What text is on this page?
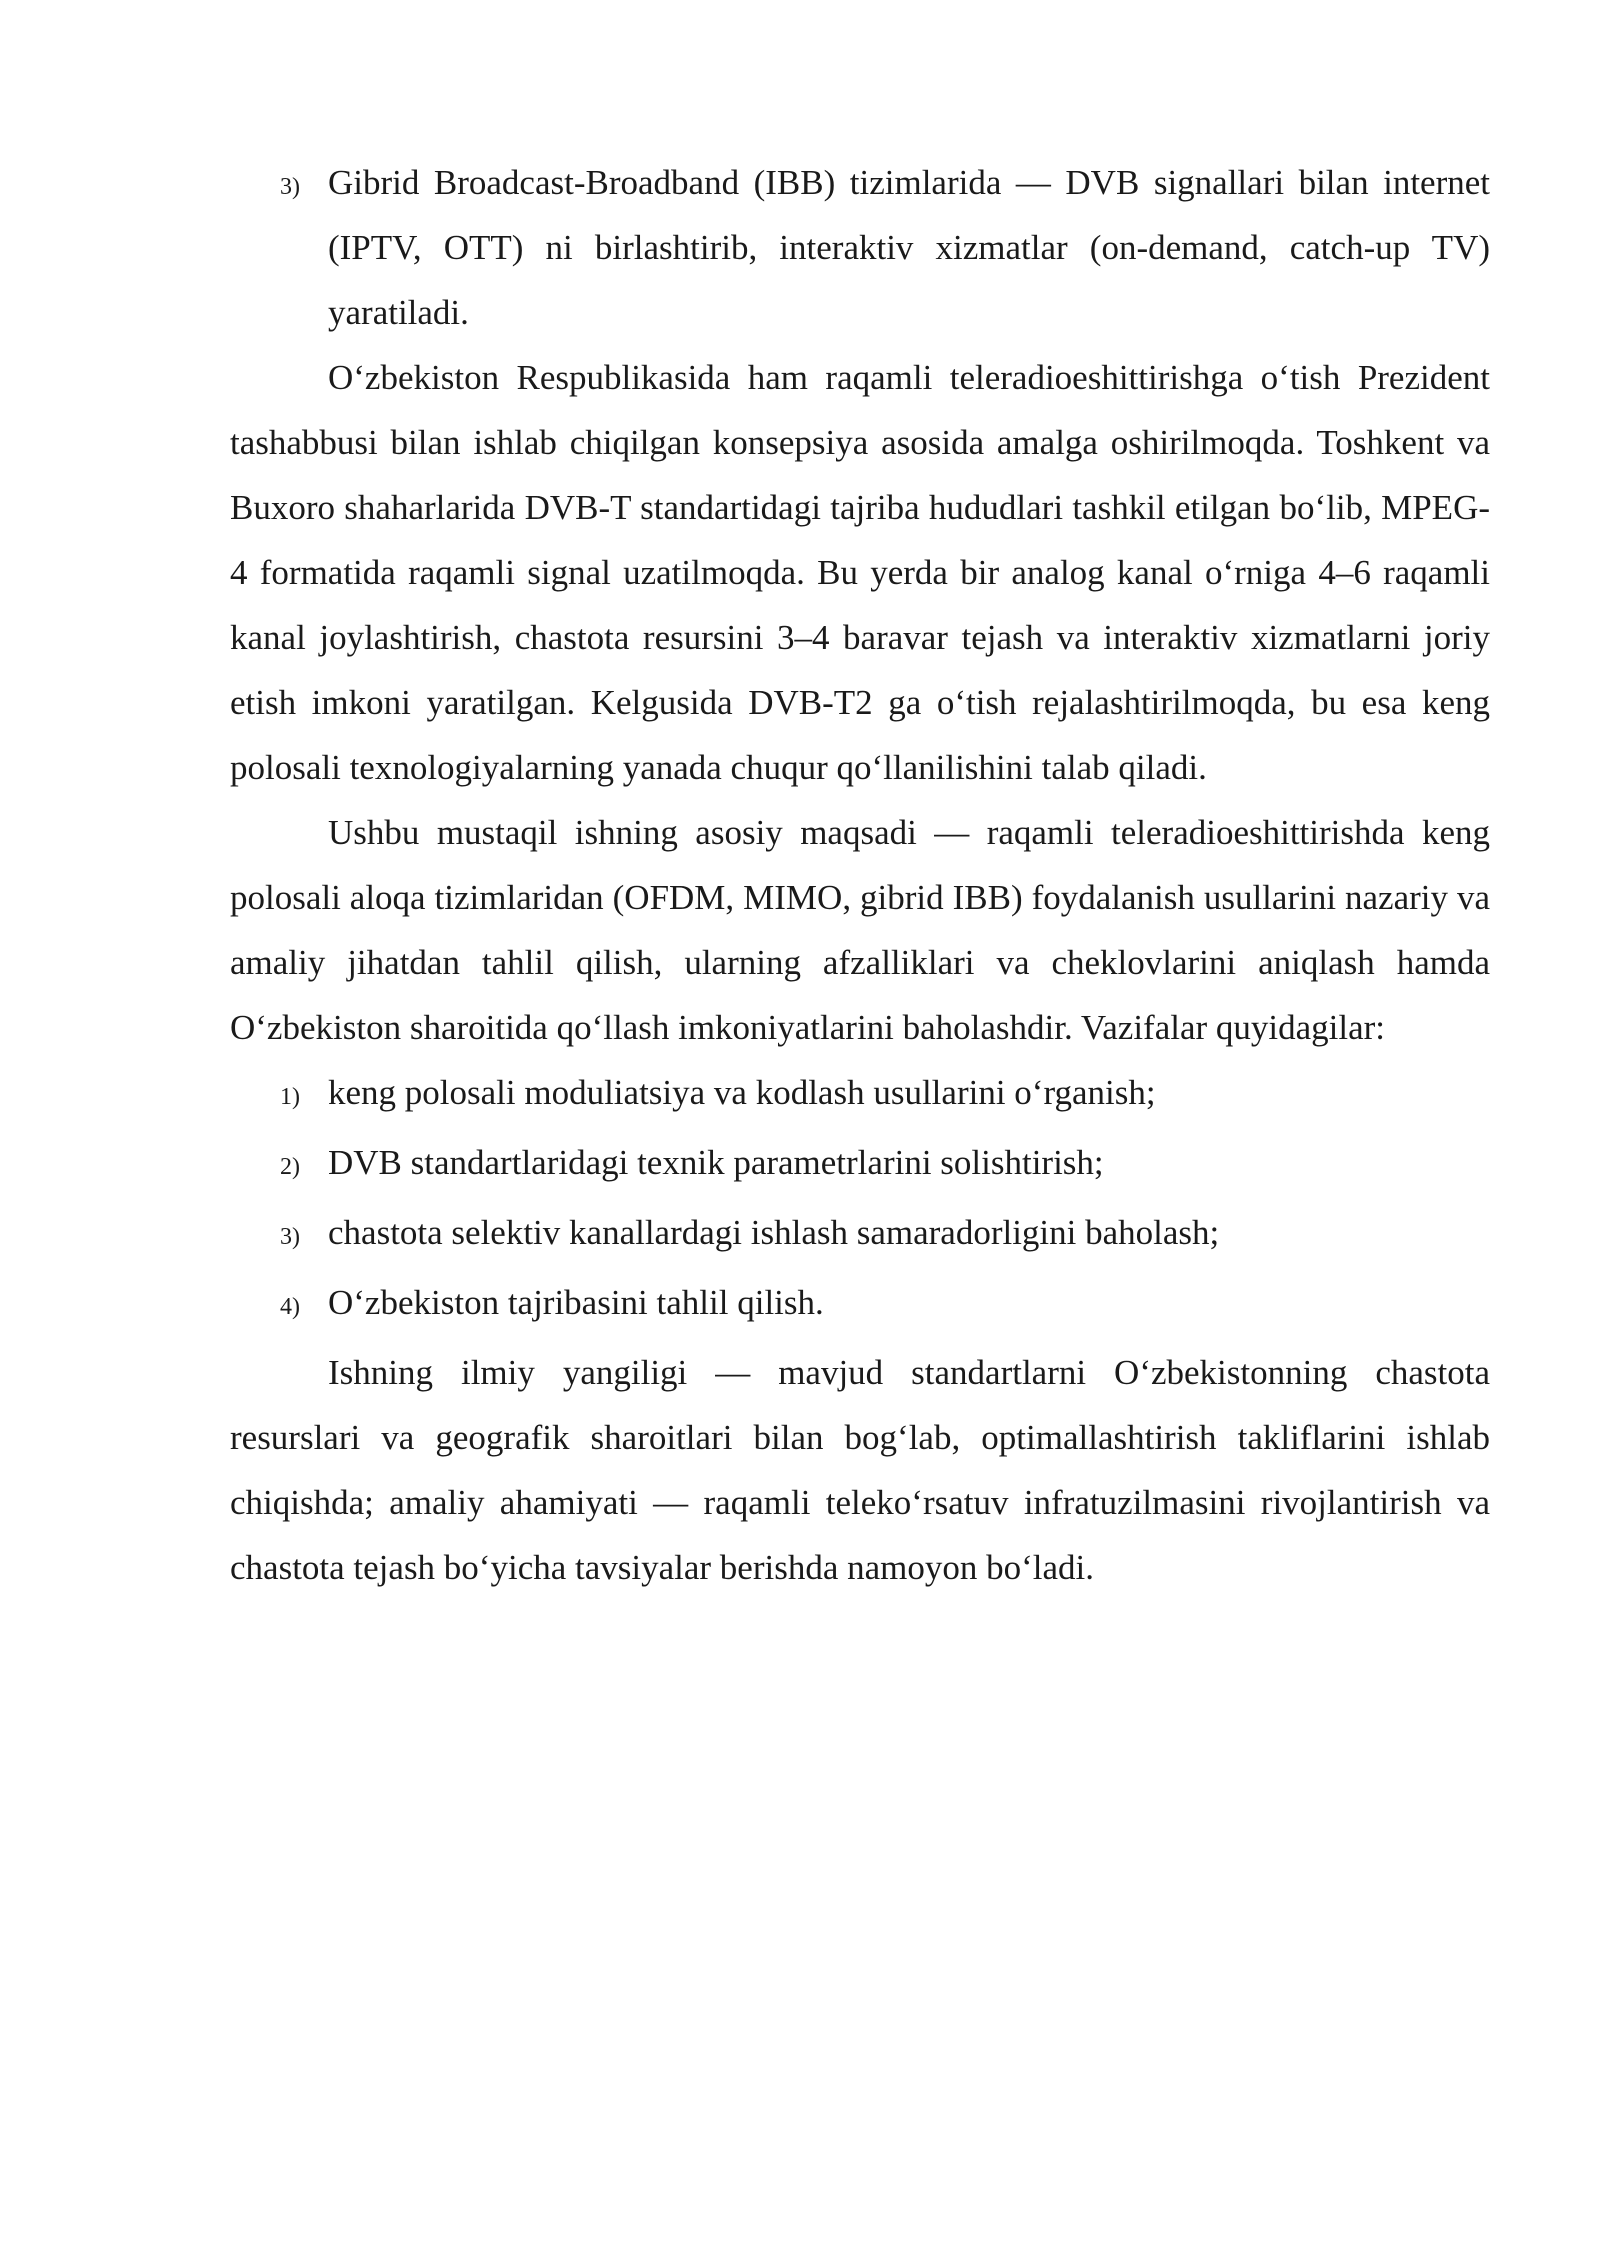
3) Gibrid Broadcast-Broadband (IBB) tizimlarida — DVB signallari bilan internet (IPTV, OTT) ni birlashtirib, interaktiv xizmatlar (on-demand, catch-up TV) yaratiladi.

O‘zbekiston Respublikasida ham raqamli teleradioeshittirishga o‘tish Prezident tashabbusi bilan ishlab chiqilgan konsepsiya asosida amalga oshirilmoqda. Toshkent va Buxoro shaharlarida DVB-T standartidagi tajriba hududlari tashkil etilgan bo‘lib, MPEG-4 formatida raqamli signal uzatilmoqda. Bu yerda bir analog kanal o‘rniga 4–6 raqamli kanal joylashtirish, chastota resursini 3–4 baravar tejash va interaktiv xizmatlarni joriy etish imkoni yaratilgan. Kelgusida DVB-T2 ga o‘tish rejalashtirilmoqda, bu esa keng polosali texnologiyalarning yanada chuqur qo‘llanilishini talab qiladi.

Ushbu mustaqil ishning asosiy maqsadi — raqamli teleradioeshittirishda keng polosali aloqa tizimlaridan (OFDM, MIMO, gibrid IBB) foydalanish usullarini nazariy va amaliy jihatdan tahlil qilish, ularning afzalliklari va cheklovlarini aniqlash hamda O‘zbekiston sharoitida qo‘llash imkoniyatlarini baholashdir. Vazifalar quyidagilar:

1) keng polosali moduliatsiya va kodlash usullarini o‘rganish;
2) DVB standartlaridagi texnik parametrlarini solishtirish;
3) chastota selektiv kanallardagi ishlash samaradorligini baholash;
4) O‘zbekiston tajribasini tahlil qilish.

Ishning ilmiy yangiligi — mavjud standartlarni O‘zbekistonning chastota resurslari va geografik sharoitlari bilan bog‘lab, optimallashtirish takliflarini ishlab chiqishda; amaliy ahamiyati — raqamli teleko‘rsatuv infratuzilmasini rivojlantirish va chastota tejash bo‘yicha tavsiyalar berishda namoyon bo‘ladi.
